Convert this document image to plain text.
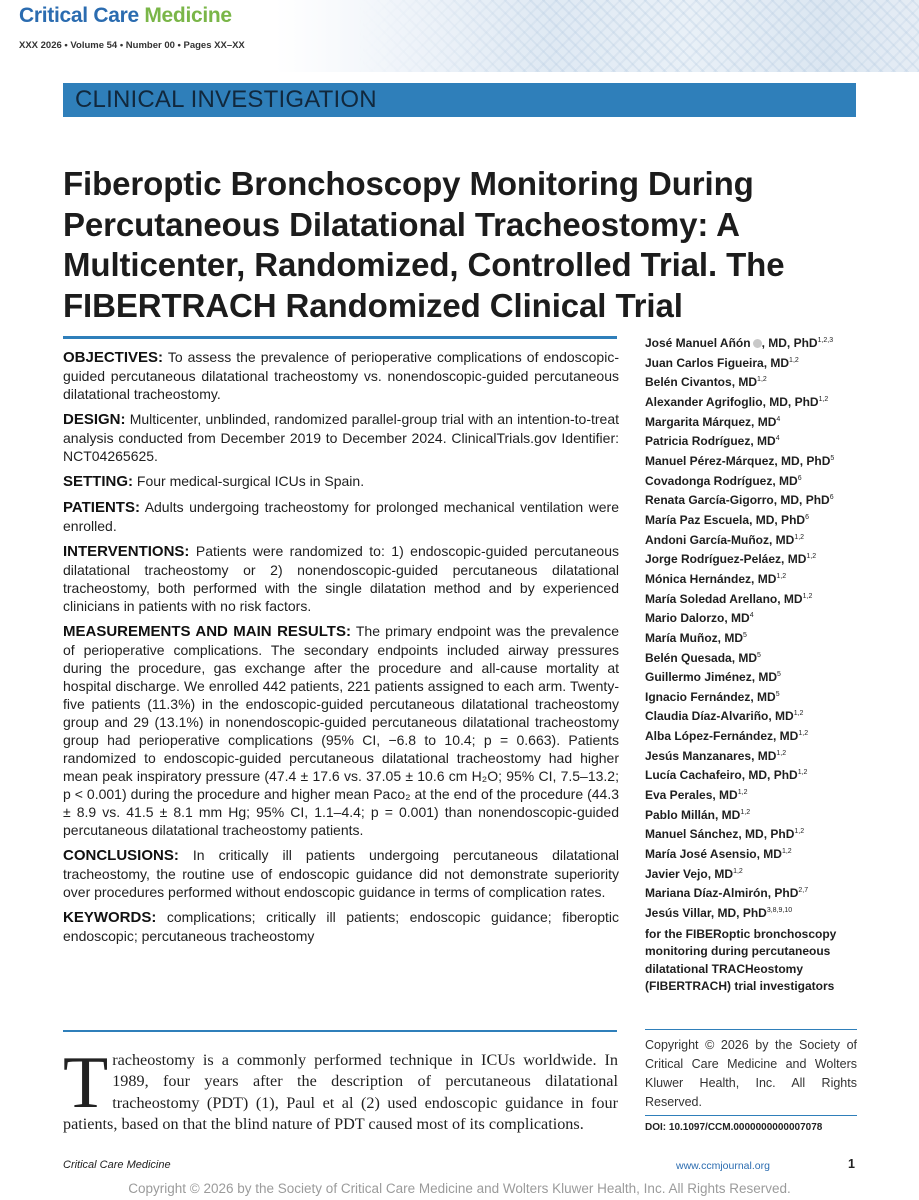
Critical Care Medicine
XXX 2026 • Volume 54 • Number 00 • Pages XX–XX
CLINICAL INVESTIGATION
Fiberoptic Bronchoscopy Monitoring During Percutaneous Dilatational Tracheostomy: A Multicenter, Randomized, Controlled Trial. The FIBERTRACH Randomized Clinical Trial

OBJECTIVES: To assess the prevalence of perioperative complications of endoscopic-guided percutaneous dilatational tracheostomy vs. nonendoscopic-guided percutaneous dilatational tracheostomy.

DESIGN: Multicenter, unblinded, randomized parallel-group trial with an intention-to-treat analysis conducted from December 2019 to December 2024. ClinicalTrials.gov Identifier: NCT04265625.

SETTING: Four medical-surgical ICUs in Spain.

PATIENTS: Adults undergoing tracheostomy for prolonged mechanical ventilation were enrolled.

INTERVENTIONS: Patients were randomized to: 1) endoscopic-guided percutaneous dilatational tracheostomy or 2) nonendoscopic-guided percutaneous dilatational tracheostomy, both performed with the single dilatation method and by experienced clinicians in patients with no risk factors.

MEASUREMENTS AND MAIN RESULTS: The primary endpoint was the prevalence of perioperative complications. The secondary endpoints included airway pressures during the procedure, gas exchange after the procedure and all-cause mortality at hospital discharge. We enrolled 442 patients, 221 patients assigned to each arm. Twenty-five patients (11.3%) in the endoscopic-guided percutaneous dilatational tracheostomy group and 29 (13.1%) in nonendoscopic-guided percutaneous dilatational tracheostomy group had perioperative complications (95% CI, −6.8 to 10.4; p = 0.663). Patients randomized to endoscopic-guided percutaneous dilatational tracheostomy had higher mean peak inspiratory pressure (47.4 ± 17.6 vs. 37.05 ± 10.6 cm H₂O; 95% CI, 7.5–13.2; p < 0.001) during the procedure and higher mean Paco₂ at the end of the procedure (44.3 ± 8.9 vs. 41.5 ± 8.1 mm Hg; 95% CI, 1.1–4.4; p = 0.001) than nonendoscopic-guided percutaneous dilatational tracheostomy patients.

CONCLUSIONS: In critically ill patients undergoing percutaneous dilatational tracheostomy, the routine use of endoscopic guidance did not demonstrate superiority over procedures performed without endoscopic guidance in terms of complication rates.

KEYWORDS: complications; critically ill patients; endoscopic guidance; fiberoptic endoscopic; percutaneous tracheostomy

José Manuel Añón , MD, PhD$^{1,2,3}$
Juan Carlos Figueira, MD$^{1,2}$
Belén Civantos, MD$^{1,2}$
Alexander Agrifoglio, MD, PhD$^{1,2}$
Margarita Márquez, $MD^4$
Patricia Rodríguez, $MD^4$
Manuel Pérez-Márquez, MD, PhD$^5$
Covadonga Rodríguez, $MD^6$
Renata García-Gigorro, MD, PhD$^6$
María Paz Escuela, MD, PhD$^6$
Andoni García-Muñoz, MD$^{1,2}$
Jorge Rodríguez-Peláez, MD$^{1,2}$
Mónica Hernández, MD$^{1,2}$
María Soledad Arellano, MD$^{1,2}$
Mario Dalorzo, $MD^4$
María Muñoz, $MD^5$
Belén Quesada, $MD^5$
Guillermo Jiménez, $MD^5$
Ignacio Fernández, $MD^5$
Claudia Díaz-Alvariño, MD$^{1,2}$
Alba López-Fernández, MD$^{1,2}$
Jesús Manzanares, MD$^{1,2}$
Lucía Cachafeiro, MD, PhD$^{1,2}$
Eva Perales, MD$^{1,2}$
Pablo Millán, MD$^{1,2}$
Manuel Sánchez, MD, PhD$^{1,2}$
María José Asensio, MD$^{1,2}$
Javier Vejo, MD$^{1,2}$
Mariana Díaz-Almirón, PhD$^{2,7}$
Jesús Villar, MD, PhD$^{3,8,9,10}$
for the FIBERoptic bronchoscopy monitoring during percutaneous dilatational TRACHeostomy (FIBERTRACH) trial investigators
Copyright © 2026 by the Society of Critical Care Medicine and Wolters Kluwer Health, Inc. All Rights Reserved.
DOI: 10.1097/CCM.0000000000007078
Tracheostomy is a commonly performed technique in ICUs worldwide. In 1989, four years after the description of percutaneous dilatational tracheostomy (PDT) (1), Paul et al (2) used endoscopic guidance in four patients, based on that the blind nature of PDT caused most of its complications.
Critical Care Medicine	www.ccmjournal.org	1
Copyright © 2026 by the Society of Critical Care Medicine and Wolters Kluwer Health, Inc. All Rights Reserved.
